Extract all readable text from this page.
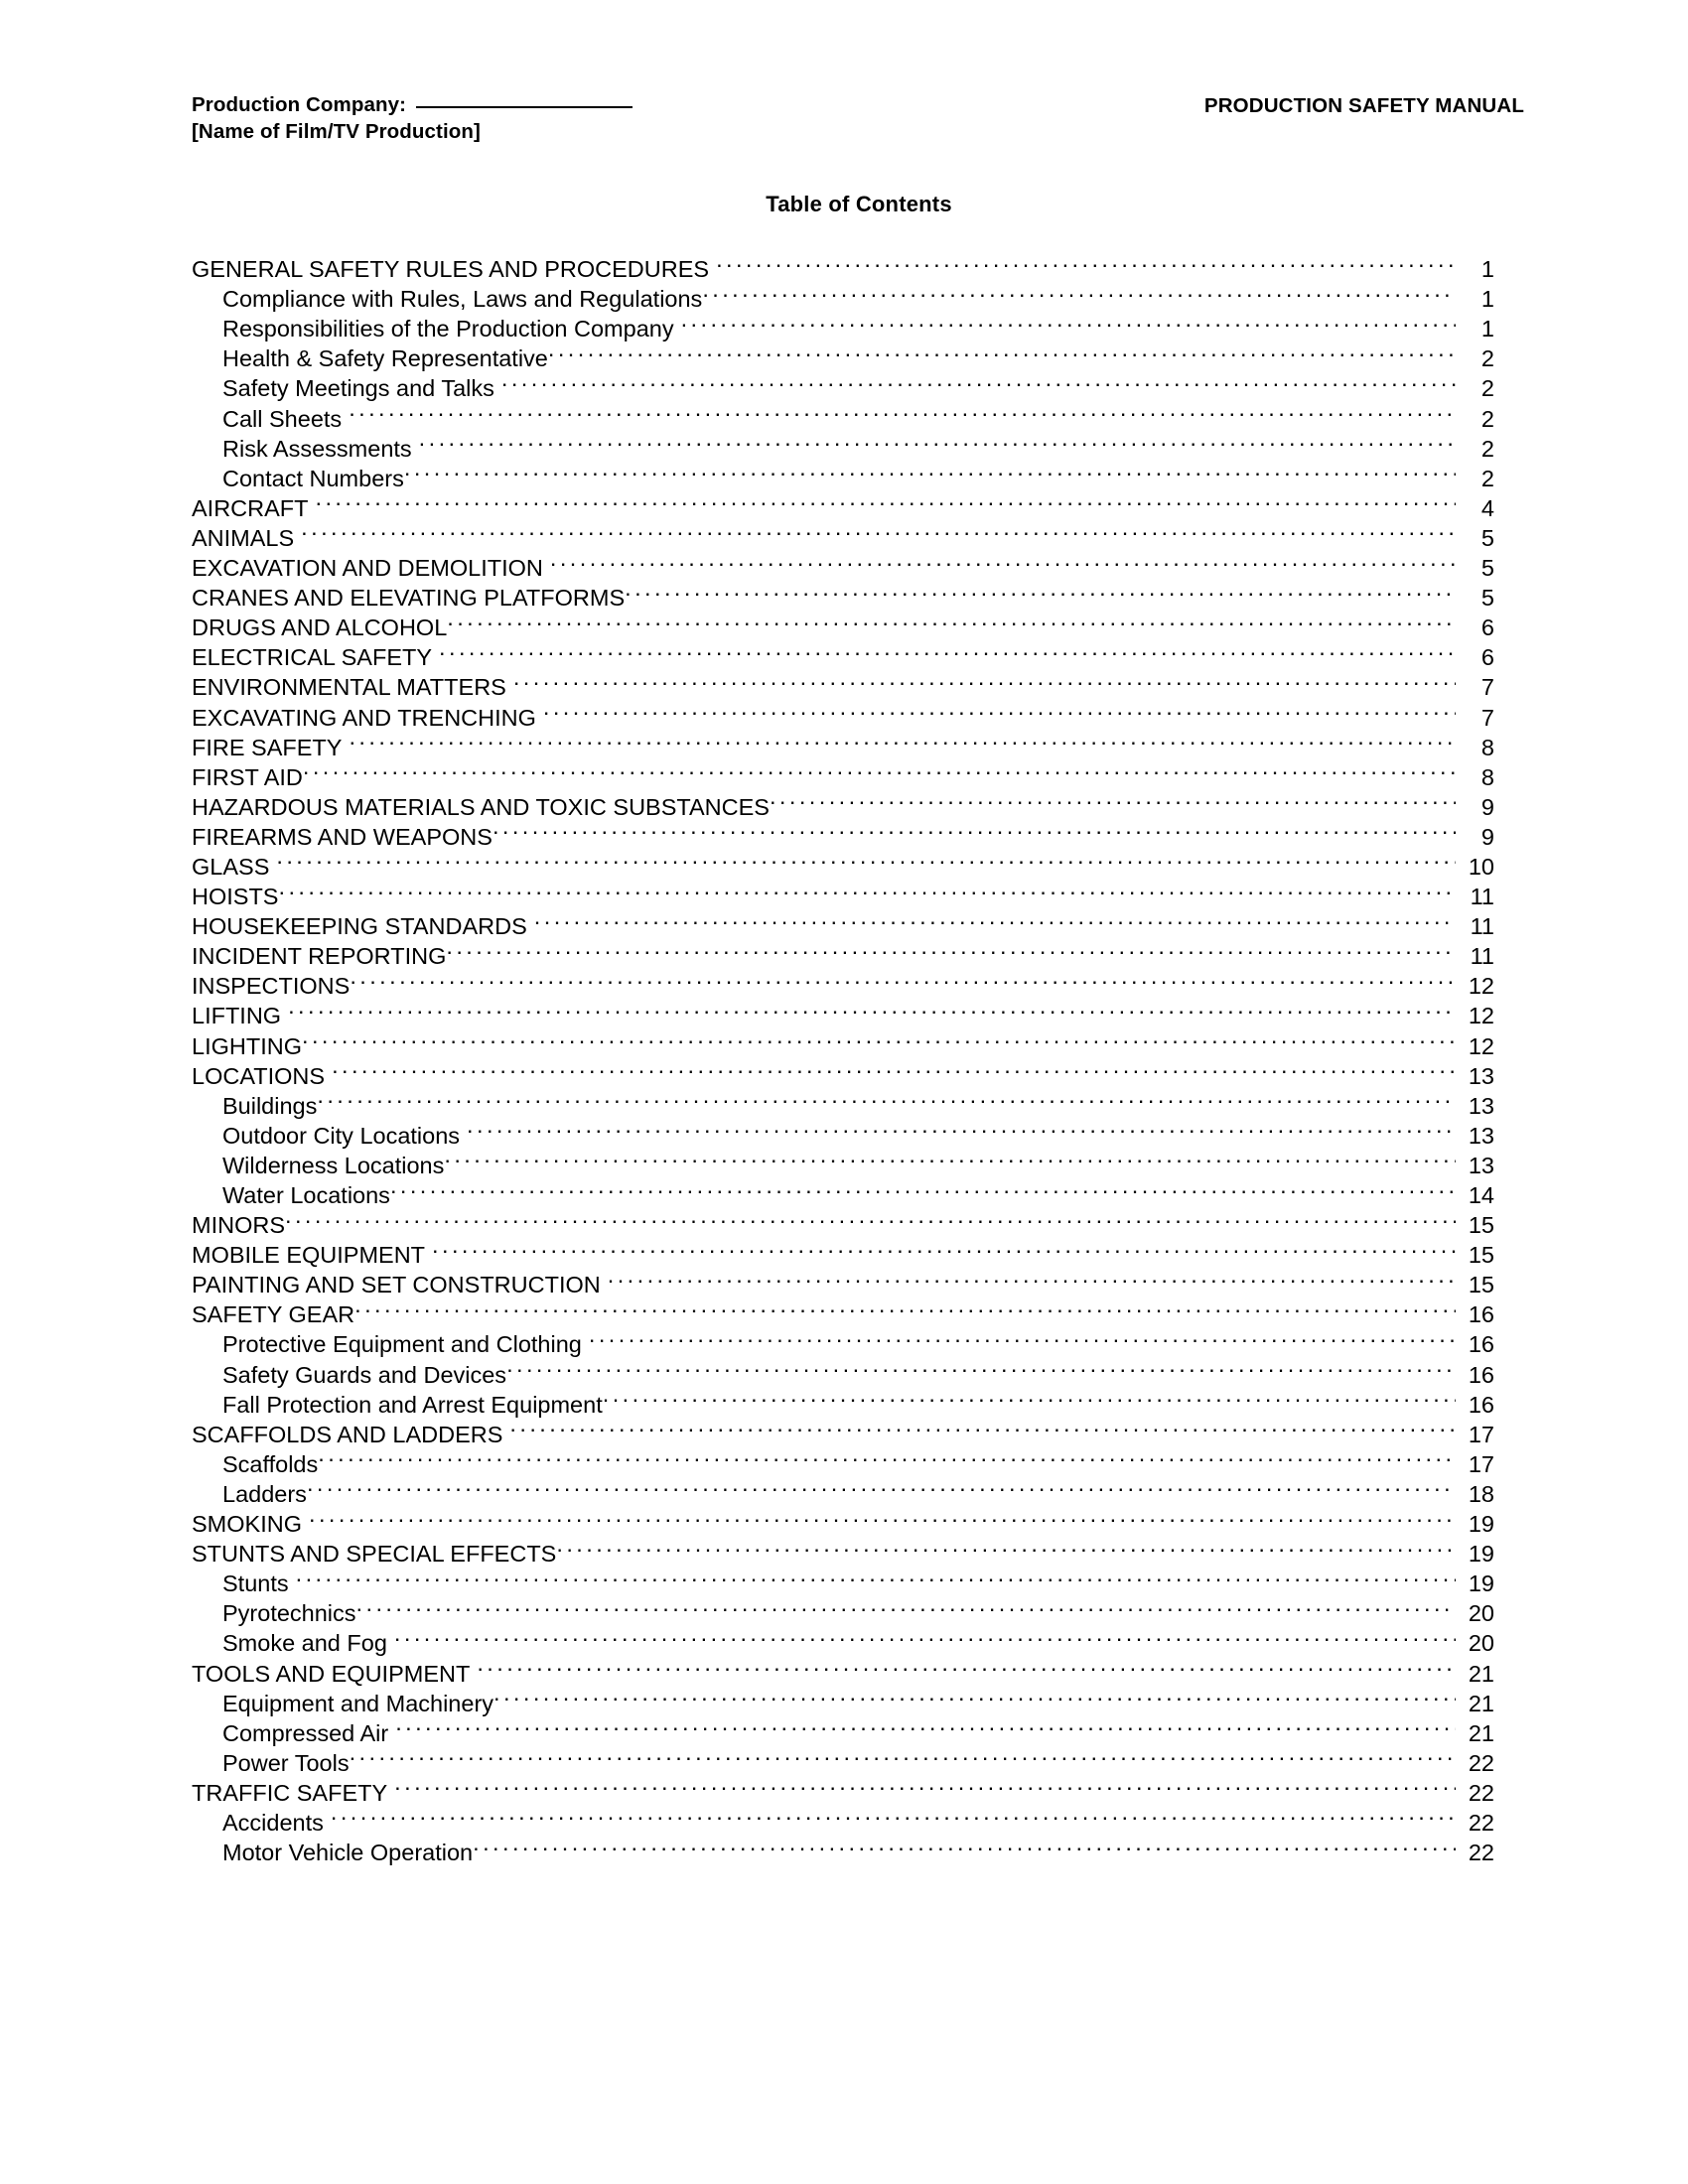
Production Company:
[Name of Film/TV Production]
PRODUCTION SAFETY MANUAL
Table of Contents
GENERAL SAFETY RULES AND PROCEDURES . . .	1
Compliance with Rules, Laws and Regulations . . .	1
Responsibilities of the Production Company . . .	1
Health & Safety Representative . . .	2
Safety Meetings and Talks . . .	2
Call Sheets . . .	2
Risk Assessments . . .	2
Contact Numbers . . .	2
AIRCRAFT . . .	4
ANIMALS . . .	5
EXCAVATION AND DEMOLITION . . .	5
CRANES AND ELEVATING PLATFORMS . . .	5
DRUGS AND ALCOHOL . . .	6
ELECTRICAL SAFETY . . .	6
ENVIRONMENTAL MATTERS . . .	7
EXCAVATING AND TRENCHING . . .	7
FIRE SAFETY . . .	8
FIRST AID . . .	8
HAZARDOUS MATERIALS AND TOXIC SUBSTANCES . . .	9
FIREARMS AND WEAPONS . . .	9
GLASS . . .	10
HOISTS . . .	11
HOUSEKEEPING STANDARDS . . .	11
INCIDENT REPORTING . . .	11
INSPECTIONS . . .	12
LIFTING . . .	12
LIGHTING . . .	12
LOCATIONS . . .	13
Buildings . . .	13
Outdoor City Locations . . .	13
Wilderness Locations . . .	13
Water Locations . . .	14
MINORS . . .	15
MOBILE EQUIPMENT . . .	15
PAINTING AND SET CONSTRUCTION . . .	15
SAFETY GEAR . . .	16
Protective Equipment and Clothing . . .	16
Safety Guards and Devices . . .	16
Fall Protection and Arrest Equipment . . .	16
SCAFFOLDS AND LADDERS . . .	17
Scaffolds . . .	17
Ladders . . .	18
SMOKING . . .	19
STUNTS AND SPECIAL EFFECTS . . .	19
Stunts . . .	19
Pyrotechnics . . .	20
Smoke and Fog . . .	20
TOOLS AND EQUIPMENT . . .	21
Equipment and Machinery . . .	21
Compressed Air . . .	21
Power Tools . . .	22
TRAFFIC SAFETY . . .	22
Accidents . . .	22
Motor Vehicle Operation . . .	22
